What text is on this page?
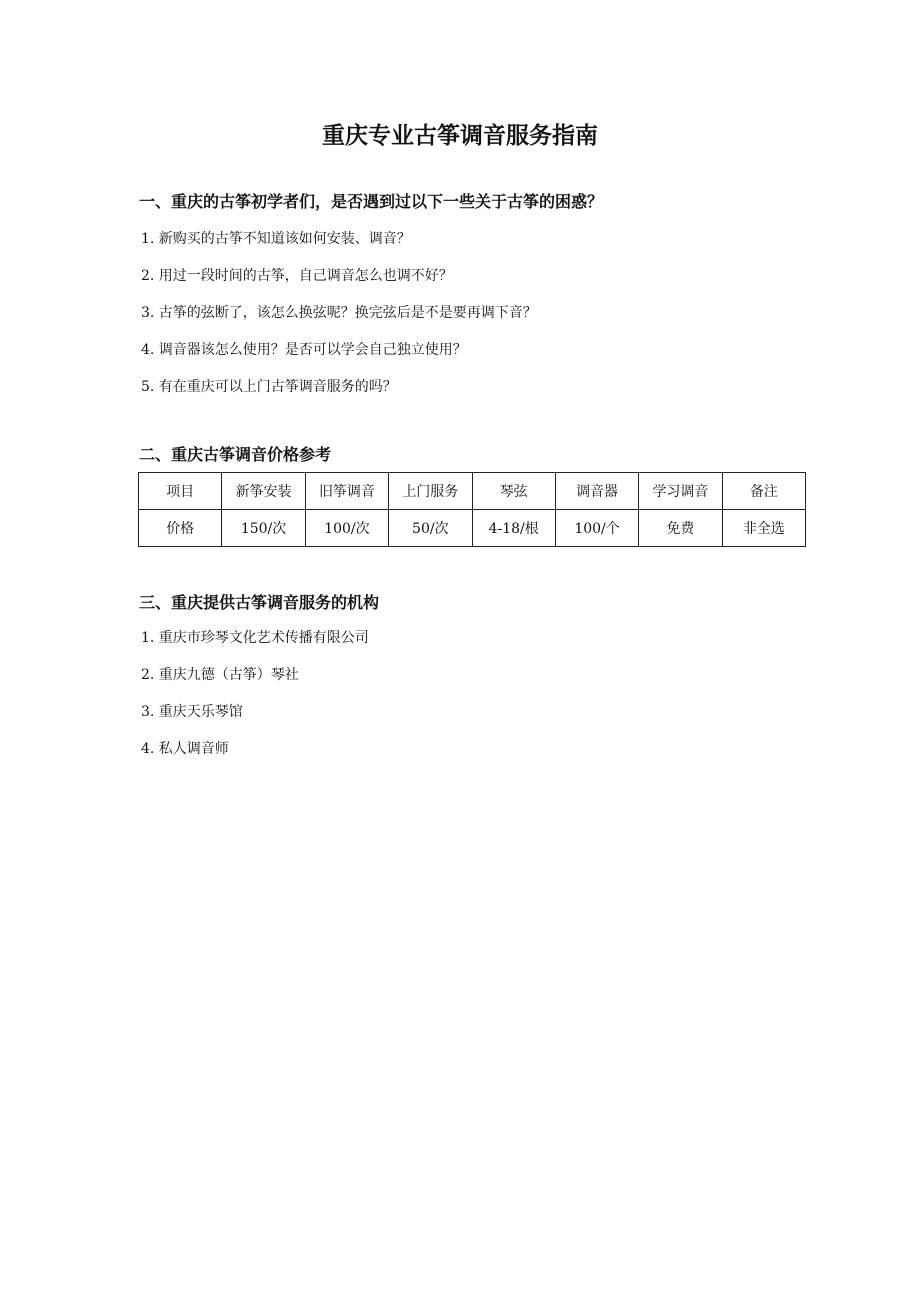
重庆专业古筝调音服务指南
一、重庆的古筝初学者们，是否遇到过以下一些关于古筝的困惑？
1. 新购买的古筝不知道该如何安装、调音？
2. 用过一段时间的古筝，自己调音怎么也调不好？
3. 古筝的弦断了，该怎么换弦呢？换完弦后是不是要再调下音？
4. 调音器该怎么使用？是否可以学会自己独立使用？
5. 有在重庆可以上门古筝调音服务的吗？
二、重庆古筝调音价格参考
项目	新筝安装	旧筝调音	上门服务	琴弦	调音器	学习调音	备注
价格	150/次	100/次	50/次	4-18/根	100/个	免费	非全选
三、重庆提供古筝调音服务的机构
1. 重庆市珍琴文化艺术传播有限公司
2. 重庆九德（古筝）琴社
3. 重庆天乐琴馆
4. 私人调音师
